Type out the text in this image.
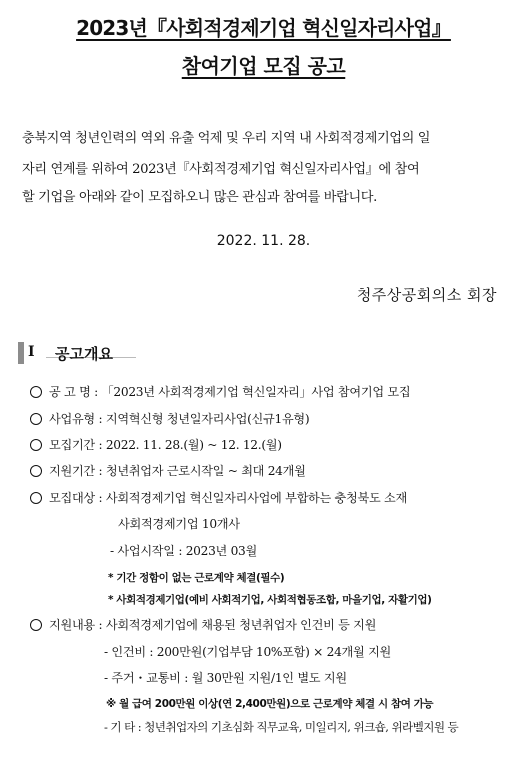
2023년『사회적경제기업 혁신일자리사업』
참여기업 모집 공고
충북지역 청년인력의 역외 유출 억제 및 우리 지역 내 사회적경제기업의 일
자리 연계를 위하여 2023년『사회적경제기업 혁신일자리사업』에 참여
할 기업을 아래와 같이 모집하오니 많은 관심과 참여를 바랍니다.
2022. 11. 28.
청주상공회의소 회장
I 공고개요
공 고 명 : 「2023년 사회적경제기업 혁신일자리」사업 참여기업 모집
사업유형 : 지역혁신형 청년일자리사업(신규1유형)
모집기간 : 2022. 11. 28.(월) ~ 12. 12.(월)
지원기간 : 청년취업자 근로시작일 ~ 최대 24개월
모집대상 : 사회적경제기업 혁신일자리사업에 부합하는 충청북도 소재
사회적경제기업 10개사
- 사업시작일 : 2023년 03월
* 기간 정함이 없는 근로계약 체결(필수)
* 사회적경제기업(예비 사회적기업, 사회적협동조합, 마을기업, 자활기업)
지원내용 : 사회적경제기업에 채용된 청년취업자 인건비 등 지원
- 인건비 : 200만원(기업부담 10%포함) × 24개월 지원
- 주거・교통비 : 월 30만원 지원/1인 별도 지원
※ 월 급여 200만원 이상(연 2,400만원)으로 근로계약 체결 시 참여 가능
- 기 타 : 청년취업자의 기초심화 직무교육, 미일리지, 위크숍, 위라벨지원 등
